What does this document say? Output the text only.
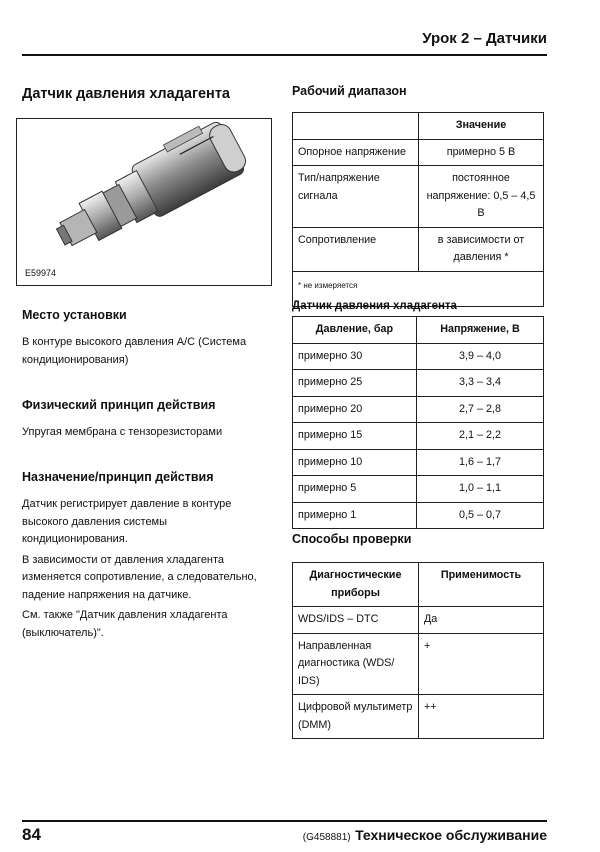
Урок 2 – Датчики
Датчик давления хладагента
E59974
Место установки
В контуре высокого давления A/C (Система кондиционирования)
Физический принцип действия
Упругая мембрана с тензорезисторами
Назначение/принцип действия
Датчик регистрирует давление в контуре высокого давления системы кондиционирования.
В зависимости от давления хладагента изменяется сопротивление, а следовательно, падение напряжения на датчике.
См. также "Датчик давления хладагента (выключатель)".
Рабочий диапазон
	Значение
Опорное напряжение	примерно 5 В
Тип/напряжение сигнала	постоянное напряжение: 0,5 – 4,5 В
Сопротивление	в зависимости от давления *
* не измеряется	
Датчик давления хладагента
Давление, бар	Напряжение, В
примерно 30	3,9 – 4,0
примерно 25	3,3 – 3,4
примерно 20	2,7 – 2,8
примерно 15	2,1 – 2,2
примерно 10	1,6 – 1,7
примерно 5	1,0 – 1,1
примерно 1	0,5 – 0,7
Способы проверки
Диагностические приборы	Применимость
WDS/IDS – DTC	Да
Направленная диагностика (WDS/ IDS)	+
Цифровой мультиметр (DMM)	++
84	(G458881) Техническое обслуживание
